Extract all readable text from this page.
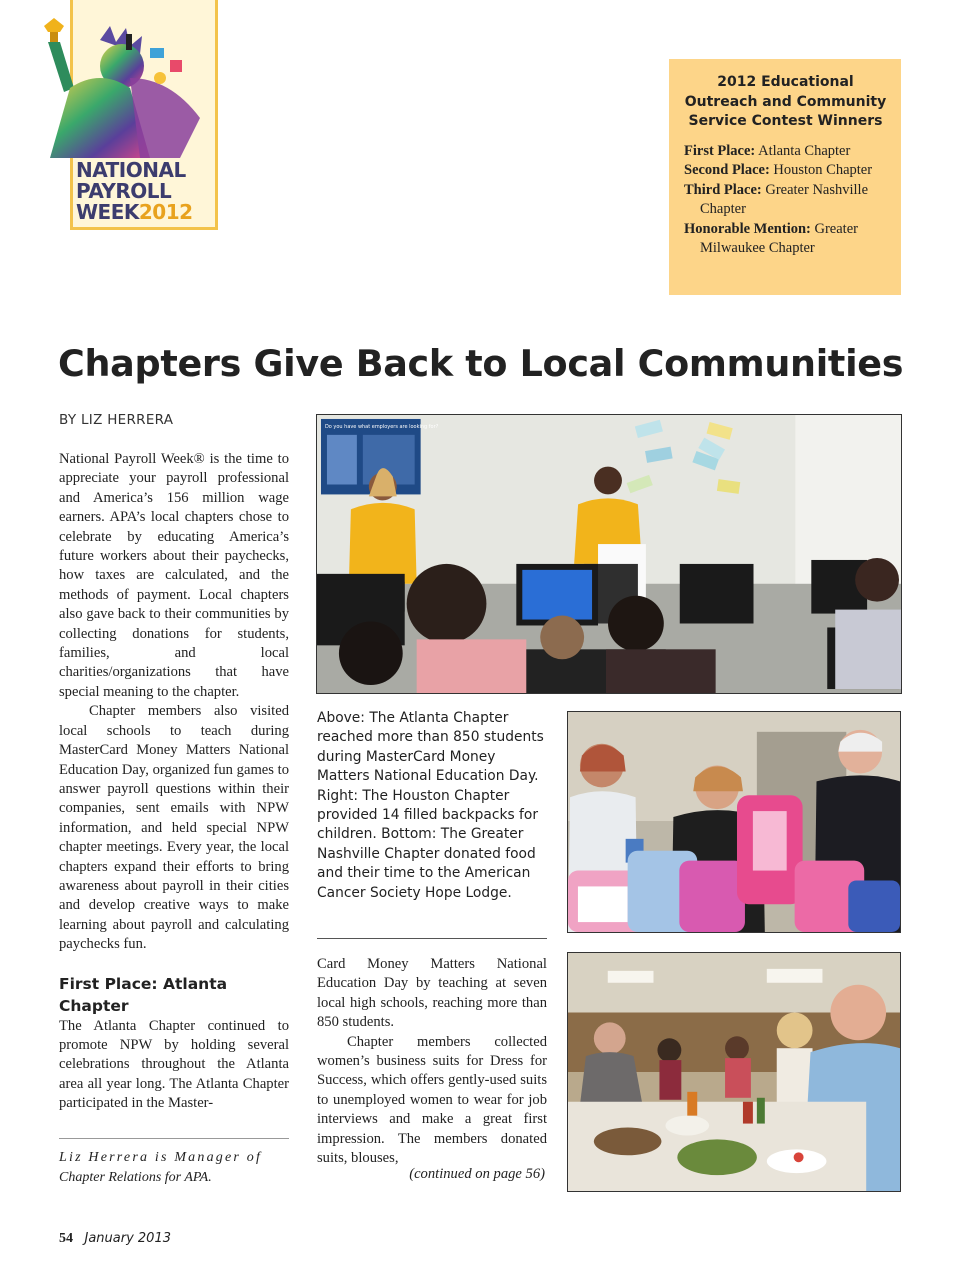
NATIONAL
PAYROLL
WEEK2012
2012 Educational Outreach and Community Service Contest Winners
First Place: Atlanta Chapter
Second Place: Houston Chapter
Third Place: Greater Nashville Chapter
Honorable Mention: Greater Milwaukee Chapter
Chapters Give Back to Local Communities
BY LIZ HERRERA

National Payroll Week® is the time to appreciate your payroll professional and America’s 156 million wage earners. APA’s local chapters chose to celebrate by educating America’s future workers about their paychecks, how taxes are calculated, and the methods of payment. Local chapters also gave back to their communities by collecting donations for students, families, and local charities/organizations that have special meaning to the chapter.

Chapter members also visited local schools to teach during MasterCard Money Matters National Education Day, organized fun games to answer payroll questions within their companies, sent emails with NPW information, and held special NPW chapter meetings. Every year, the local chapters expand their efforts to bring awareness about payroll in their cities and develop creative ways to make learning about payroll and calculating paychecks fun.

First Place: Atlanta Chapter

The Atlanta Chapter continued to promote NPW by holding several celebrations throughout the Atlanta area all year long. The Atlanta Chapter participated in the Master-

Liz Herrera is Manager of
Chapter Relations for APA.
Above: The Atlanta Chapter reached more than 850 students during MasterCard Money Matters National Education Day. Right: The Houston Chapter provided 14 filled backpacks for children. Bottom: The Greater Nashville Chapter donated food and their time to the American Cancer Society Hope Lodge.

Card Money Matters National Education Day by teaching at seven local high schools, reaching more than 850 students.

Chapter members collected women’s business suits for Dress for Success, which offers gently-used suits to unemployed women to wear for job interviews and make a great first impression. The members donated suits, blouses,

(continued on page 56)
Do you have what employers are looking for?
54 January 2013
